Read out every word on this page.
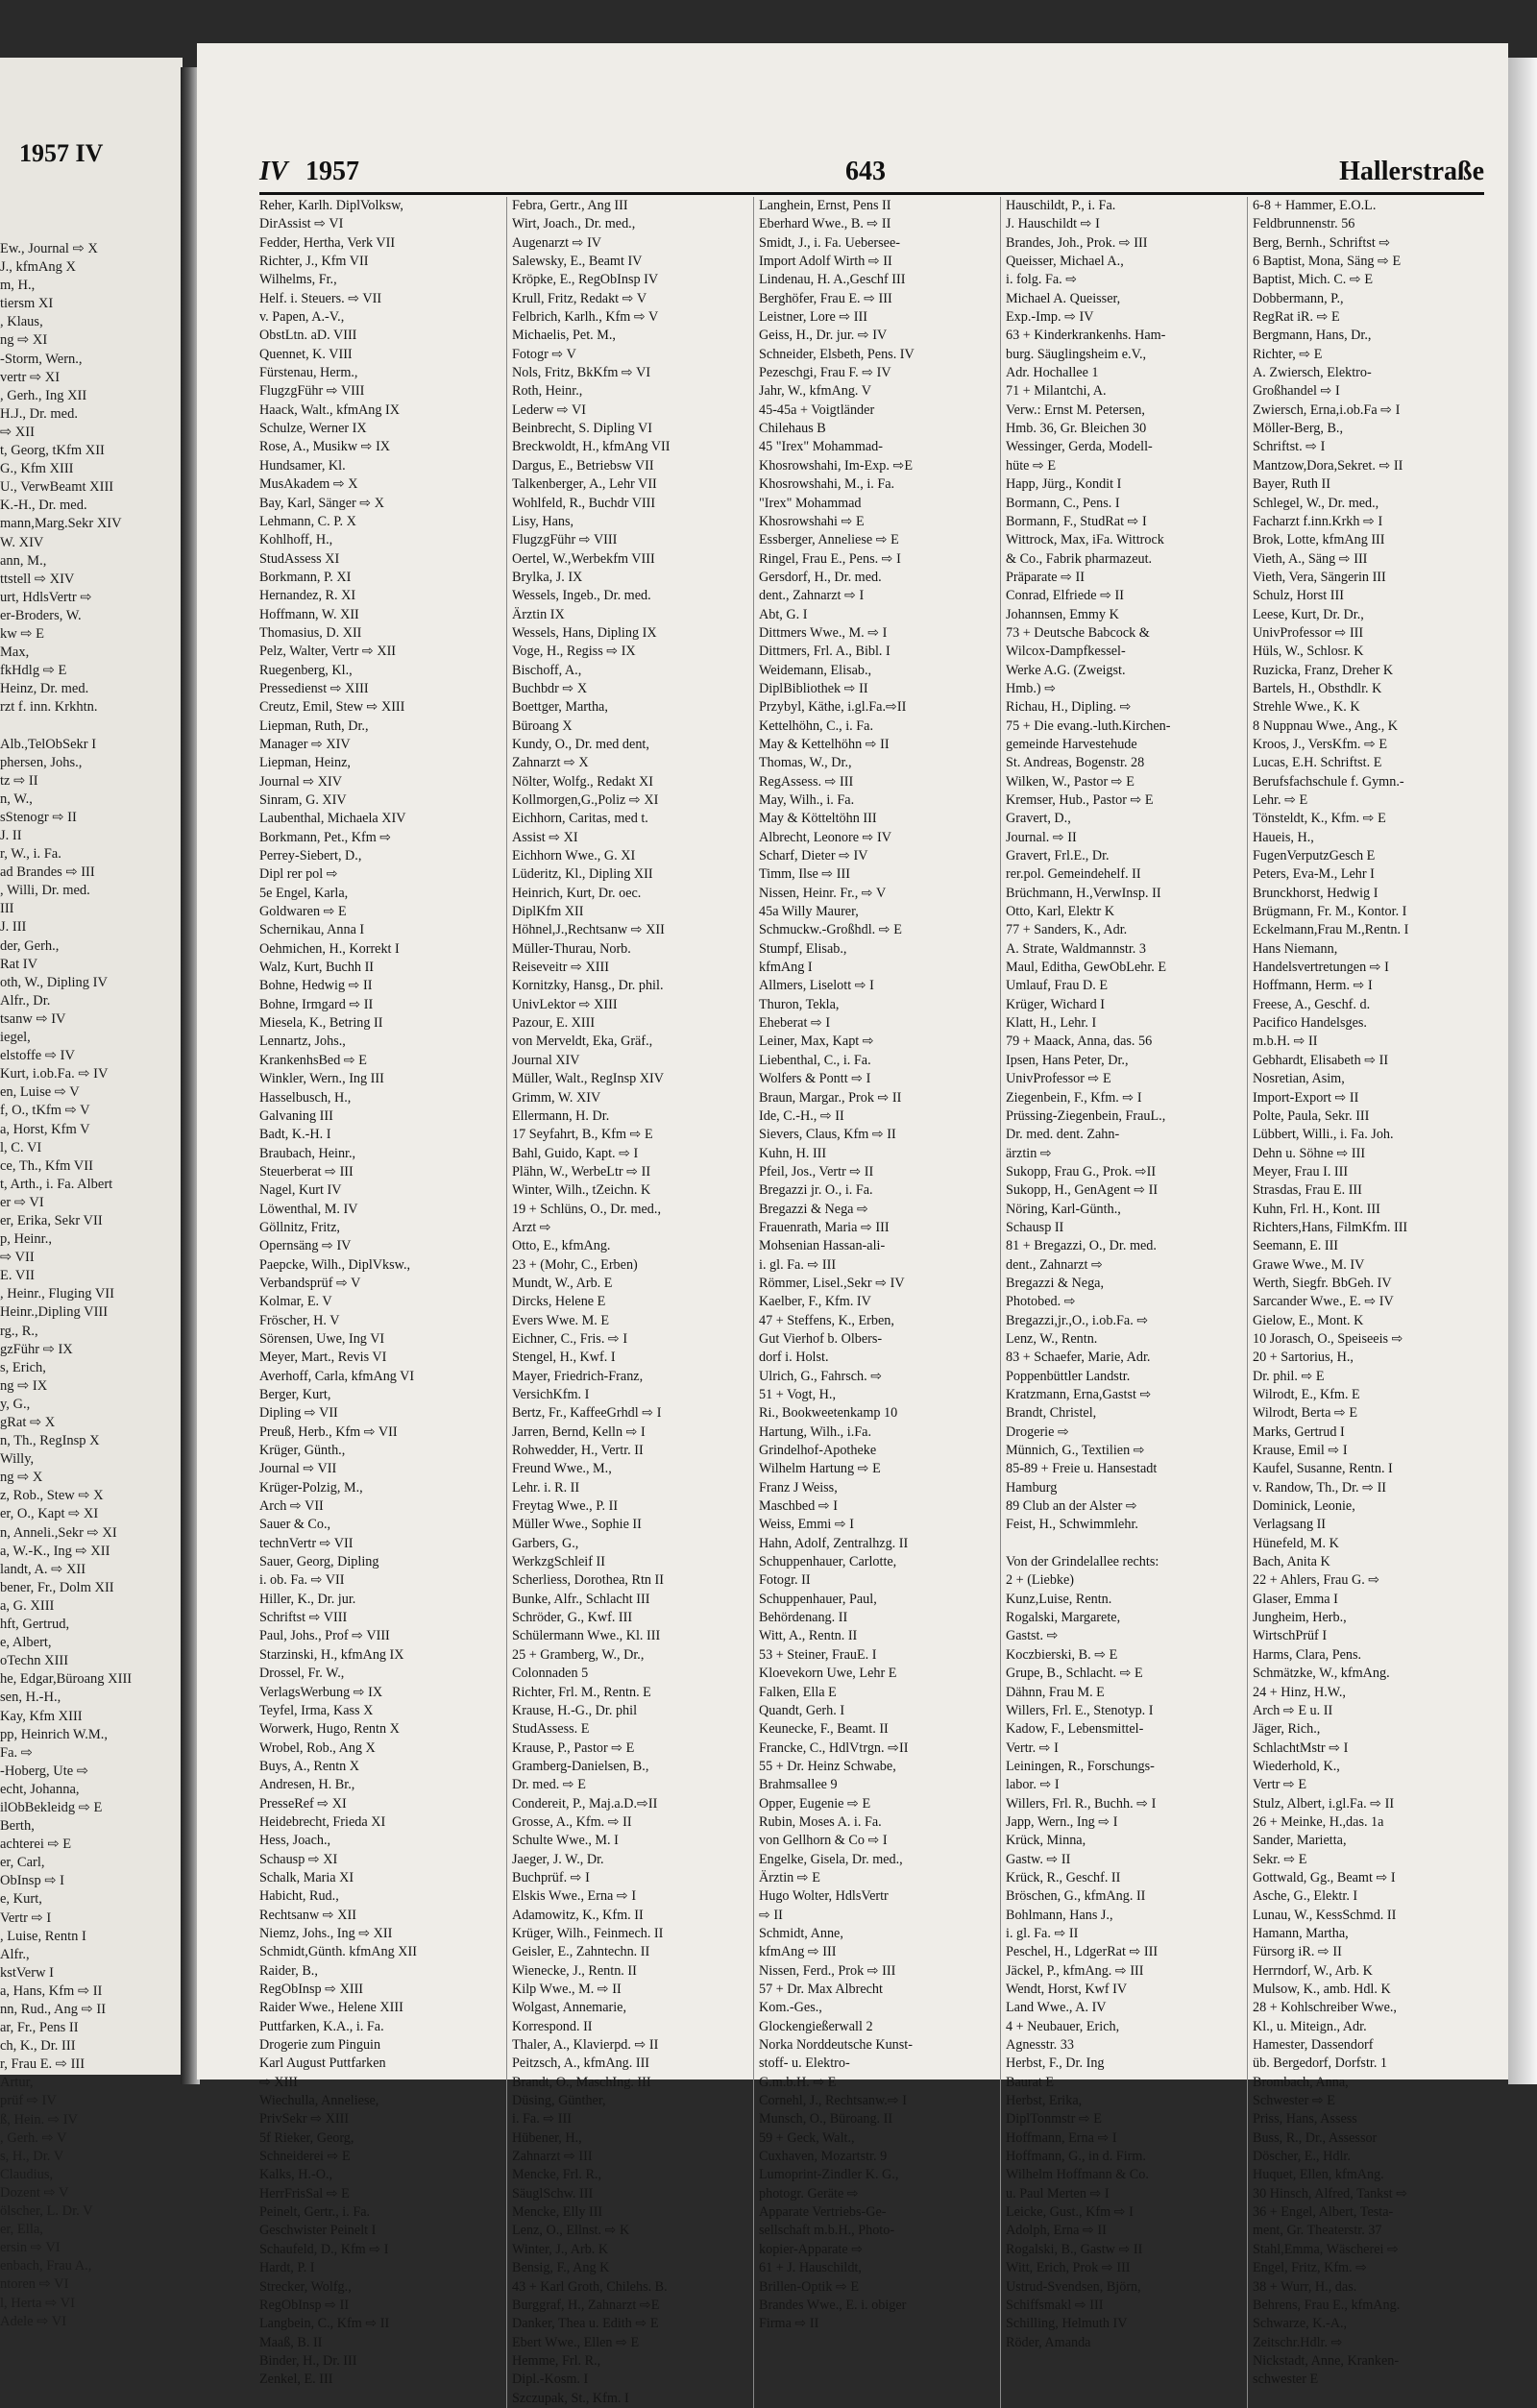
1957 IV
Ew., Journal ⇨ X
J., kfmAng X
m, H.,
tiersm XI
, Klaus,
ng ⇨ XI
-Storm, Wern.,
vertr ⇨ XI
, Gerh., Ing XII
H.J., Dr. med.
⇨ XII
t, Georg, tKfm XII
G., Kfm XIII
U., VerwBeamt XIII
K.-H., Dr. med.
mann,Marg.Sekr XIV
W. XIV
ann, M.,
ttstell ⇨ XIV
urt, HdlsVertr ⇨
er-Broders, W.
kw ⇨ E
Max,
fkHdlg ⇨ E
Heinz, Dr. med.
rzt f. inn. Krkhtn.

Alb.,TelObSekr I
phersen, Johs.,
tz ⇨ II
n, W.,
sStenogr ⇨ II
J. II
r, W., i. Fa.
ad Brandes ⇨ III
, Willi, Dr. med.
III
J. III
der, Gerh.,
Rat IV
oth, W., Dipling IV
Alfr., Dr.
tsanw ⇨ IV
iegel,
elstoffe ⇨ IV
Kurt, i.ob.Fa. ⇨ IV
en, Luise ⇨ V
f, O., tKfm ⇨ V
a, Horst, Kfm V
l, C. VI
ce, Th., Kfm VII
t, Arth., i. Fa. Albert
er ⇨ VI
er, Erika, Sekr VII
p, Heinr.,
⇨ VII
E. VII
, Heinr., Fluging VII
Heinr.,Dipling VIII
rg., R.,
gzFühr ⇨ IX
s, Erich,
ng ⇨ IX
y, G.,
gRat ⇨ X
n, Th., RegInsp X
Willy,
ng ⇨ X
z, Rob., Stew ⇨ X
er, O., Kapt ⇨ XI
n, Anneli.,Sekr ⇨ XI
a, W.-K., Ing ⇨ XII
landt, A. ⇨ XII
bener, Fr., Dolm XII
a, G. XIII
hft, Gertrud,
e, Albert,
oTechn XIII
he, Edgar,Büroang XIII
sen, H.-H.,
Kay, Kfm XIII
pp, Heinrich W.M.,
Fa. ⇨
-Hoberg, Ute ⇨
echt, Johanna,
ilObBekleidg ⇨ E
Berth,
achterei ⇨ E
er, Carl,
ObInsp ⇨ I
e, Kurt,
Vertr ⇨ I
, Luise, Rentn I
Alfr.,
kstVerw I
a, Hans, Kfm ⇨ II
nn, Rud., Ang ⇨ II
ar, Fr., Pens II
ch, K., Dr. III
r, Frau E. ⇨ III
Artur,
prüf ⇨ IV
ß, Hein. ⇨ IV
, Gerh. ⇨ V
s, H., Dr. V
Claudius,
Dozent ⇨ V
ölscher, L. Dr. V
er, Ella,
ersin ⇨ VI
enbach, Frau A.,
ntoren ⇨ VI
l, Herta ⇨ VI
Adele ⇨ VI
IV 1957	643	Hallerstraße
Reher, Karlh. DiplVolksw,
DirAssist ⇨ VI
Fedder, Hertha, Verk VII
Richter, J., Kfm VII
Wilhelms, Fr.,
Helf. i. Steuers. ⇨ VII
v. Papen, A.-V.,
ObstLtn. aD. VIII
Quennet, K. VIII
Fürstenau, Herm.,
FlugzgFühr ⇨ VIII
Haack, Walt., kfmAng IX
Schulze, Werner IX
Rose, A., Musikw ⇨ IX
Hundsamer, Kl.
MusAkadem ⇨ X
Bay, Karl, Sänger ⇨ X
Lehmann, C. P. X
Kohlhoff, H.,
StudAssess XI
Borkmann, P. XI
Hernandez, R. XI
Hoffmann, W. XII
Thomasius, D. XII
Pelz, Walter, Vertr ⇨ XII
Ruegenberg, Kl.,
Pressedienst ⇨ XIII
Creutz, Emil, Stew ⇨ XIII
Liepman, Ruth, Dr.,
Manager ⇨ XIV
Liepman, Heinz,
Journal ⇨ XIV
Sinram, G. XIV
Laubenthal, Michaela XIV
Borkmann, Pet., Kfm ⇨
Perrey-Siebert, D.,
Dipl rer pol ⇨
5e Engel, Karla,
Goldwaren ⇨ E
Schernikau, Anna I
Oehmichen, H., Korrekt I
Walz, Kurt, Buchh II
Bohne, Hedwig ⇨ II
Bohne, Irmgard ⇨ II
Miesela, K., Betring II
Lennartz, Johs.,
KrankenhsBed ⇨ E
Winkler, Wern., Ing III
Hasselbusch, H.,
Galvaning III
Badt, K.-H. I
Braubach, Heinr.,
Steuerberat ⇨ III
Nagel, Kurt IV
Löwenthal, M. IV
Göllnitz, Fritz,
Opernsäng ⇨ IV
Paepcke, Wilh., DiplVksw.,
Verbandsprüf ⇨ V
Kolmar, E. V
Fröscher, H. V
Sörensen, Uwe, Ing VI
Meyer, Mart., Revis VI
Averhoff, Carla, kfmAng VI
Berger, Kurt,
Dipling ⇨ VII
Preuß, Herb., Kfm ⇨ VII
Krüger, Günth.,
Journal ⇨ VII
Krüger-Polzig, M.,
Arch ⇨ VII
Sauer & Co.,
technVertr ⇨ VII
Sauer, Georg, Dipling
i. ob. Fa. ⇨ VII
Hiller, K., Dr. jur.
Schriftst ⇨ VIII
Paul, Johs., Prof ⇨ VIII
Starzinski, H., kfmAng IX
Drossel, Fr. W.,
VerlagsWerbung ⇨ IX
Teyfel, Irma, Kass X
Worwerk, Hugo, Rentn X
Wrobel, Rob., Ang X
Buys, A., Rentn X
Andresen, H. Br.,
PresseRef ⇨ XI
Heidebrecht, Frieda XI
Hess, Joach.,
Schausp ⇨ XI
Schalk, Maria XI
Habicht, Rud.,
Rechtsanw ⇨ XII
Niemz, Johs., Ing ⇨ XII
Schmidt,Günth. kfmAng XII
Raider, B.,
RegObInsp ⇨ XIII
Raider Wwe., Helene XIII
Puttfarken, K.A., i. Fa.
Drogerie zum Pinguin
Karl August Puttfarken
⇨ XIII
Wiechulla, Anneliese,
PrivSekr ⇨ XIII
5f Rieker, Georg,
Schneiderei ⇨ E
Kalks, H.-O.,
HerrFrisSal ⇨ E
Peinelt, Gertr., i. Fa.
Geschwister Peinelt I
Schaufeld, D., Kfm ⇨ I
Hardt, P. I
Strecker, Wolfg.,
RegObInsp ⇨ II
Langbein, C., Kfm ⇨ II
Maaß, B. II
Binder, H., Dr. III
Zenkel, E. III
Febra, Gertr., Ang III
Wirt, Joach., Dr. med.,
Augenarzt ⇨ IV
Salewsky, E., Beamt IV
Kröpke, E., RegObInsp IV
Krull, Fritz, Redakt ⇨ V
Felbrich, Karlh., Kfm ⇨ V
Michaelis, Pet. M.,
Fotogr ⇨ V
Nols, Fritz, BkKfm ⇨ VI
Roth, Heinr.,
Lederw ⇨ VI
Beinbrecht, S. Dipling VI
Breckwoldt, H., kfmAng VII
Dargus, E., Betriebsw VII
Talkenberger, A., Lehr VII
Wohlfeld, R., Buchdr VIII
Lisy, Hans,
FlugzgFühr ⇨ VIII
Oertel, W.,Werbekfm VIII
Brylka, J. IX
Wessels, Ingeb., Dr. med.
Ärztin IX
Wessels, Hans, Dipling IX
Voge, H., Regiss ⇨ IX
Bischoff, A.,
Buchbdr ⇨ X
Boettger, Martha,
Büroang X
Kundy, O., Dr. med dent,
Zahnarzt ⇨ X
Nölter, Wolfg., Redakt XI
Kollmorgen,G.,Poliz ⇨ XI
Eichhorn, Caritas, med t.
Assist ⇨ XI
Eichhorn Wwe., G. XI
Lüderitz, Kl., Dipling XII
Heinrich, Kurt, Dr. oec.
DiplKfm XII
Höhnel,J.,Rechtsanw ⇨ XII
Müller-Thurau, Norb.
Reiseveitr ⇨ XIII
Kornitzky, Hansg., Dr. phil.
UnivLektor ⇨ XIII
Pazour, E. XIII
von Merveldt, Eka, Gräf.,
Journal XIV
Müller, Walt., RegInsp XIV
Grimm, W. XIV
Ellermann, H. Dr.
17 Seyfahrt, B., Kfm ⇨ E
Bahl, Guido, Kapt. ⇨ I
Plähn, W., WerbeLtr ⇨ II
Winter, Wilh., tZeichn. K
19 + Schlüns, O., Dr. med.,
Arzt ⇨
Otto, E., kfmAng.
23 + (Mohr, C., Erben)
Mundt, W., Arb. E
Dircks, Helene E
Evers Wwe. M. E
Eichner, C., Fris. ⇨ I
Stengel, H., Kwf. I
Mayer, Friedrich-Franz,
VersichKfm. I
Bertz, Fr., KaffeeGrhdl ⇨ I
Jarren, Bernd, Kelln ⇨ I
Rohwedder, H., Vertr. II
Freund Wwe., M.,
Lehr. i. R. II
Freytag Wwe., P. II
Müller Wwe., Sophie II
Garbers, G.,
WerkzgSchleif II
Scherliess, Dorothea, Rtn II
Bunke, Alfr., Schlacht III
Schröder, G., Kwf. III
Schülermann Wwe., Kl. III
25 + Gramberg, W., Dr.,
Colonnaden 5
Richter, Frl. M., Rentn. E
Krause, H.-G., Dr. phil
StudAssess. E
Krause, P., Pastor ⇨ E
Gramberg-Danielsen, B.,
Dr. med. ⇨ E
Condereit, P., Maj.a.D.⇨II
Grosse, A., Kfm. ⇨ II
Schulte Wwe., M. I
Jaeger, J. W., Dr.
Buchprüf. ⇨ I
Elskis Wwe., Erna ⇨ I
Adamowitz, K., Kfm. II
Krüger, Wilh., Feinmech. II
Geisler, E., Zahntechn. II
Wienecke, J., Rentn. II
Kilp Wwe., M. ⇨ II
Wolgast, Annemarie,
Korrespond. II
Thaler, A., Klavierpd. ⇨ II
Peitzsch, A., kfmAng. III
Brandt, O., MaschIng. III
Düsing, Günther,
i. Fa. ⇨ III
Hübener, H.,
Zahnarzt ⇨ III
Mencke, Frl. R.,
SäuglSchw. III
Mencke, Elly III
Lenz, O., Ellnst. ⇨ K
Winter, J., Arb. K
Bensig, F., Ang K
43 + Karl Groth, Chilehs. B.
Burggraf, H., Zahnarzt ⇨E
Danker, Thea u. Edith ⇨ E
Ebert Wwe., Ellen ⇨ E
Hemme, Frl. R.,
Dipl.-Kosm. I
Szczupak, St., Kfm. I
Langhein, Ernst, Pens II
Eberhard Wwe., B. ⇨ II
Smidt, J., i. Fa. Uebersee-
Import Adolf Wirth ⇨ II
Lindenau, H. A.,Geschf III
Berghöfer, Frau E. ⇨ III
Leistner, Lore ⇨ III
Geiss, H., Dr. jur. ⇨ IV
Schneider, Elsbeth, Pens. IV
Pezeschgi, Frau F. ⇨ IV
Jahr, W., kfmAng. V
45-45a + Voigtländer
Chilehaus B
45 "Irex" Mohammad-
Khosrowshahi, Im-Exp. ⇨E
Khosrowshahi, M., i. Fa.
"Irex" Mohammad
Khosrowshahi ⇨ E
Essberger, Anneliese ⇨ E
Ringel, Frau E., Pens. ⇨ I
Gersdorf, H., Dr. med.
dent., Zahnarzt ⇨ I
Abt, G. I
Dittmers Wwe., M. ⇨ I
Dittmers, Frl. A., Bibl. I
Weidemann, Elisab.,
DiplBibliothek ⇨ II
Przybyl, Käthe, i.gl.Fa.⇨II
Kettelhöhn, C., i. Fa.
May & Kettelhöhn ⇨ II
Thomas, W., Dr.,
RegAssess. ⇨ III
May, Wilh., i. Fa.
May & Kötteltöhn III
Albrecht, Leonore ⇨ IV
Scharf, Dieter ⇨ IV
Timm, Ilse ⇨ III
Nissen, Heinr. Fr., ⇨ V
45a Willy Maurer,
Schmuckw.-Großhdl. ⇨ E
Stumpf, Elisab.,
kfmAng I
Allmers, Liselott ⇨ I
Thuron, Tekla,
Eheberat ⇨ I
Leiner, Max, Kapt ⇨
Liebenthal, C., i. Fa.
Wolfers & Pontt ⇨ I
Braun, Margar., Prok ⇨ II
Ide, C.-H., ⇨ II
Sievers, Claus, Kfm ⇨ II
Kuhn, H. III
Pfeil, Jos., Vertr ⇨ II
Bregazzi jr. O., i. Fa.
Bregazzi & Nega ⇨
Frauenrath, Maria ⇨ III
Mohsenian Hassan-ali-
i. gl. Fa. ⇨ III
Römmer, Lisel.,Sekr ⇨ IV
Kaelber, F., Kfm. IV
47 + Steffens, K., Erben,
Gut Vierhof b. Olbers-
dorf i. Holst.
Ulrich, G., Fahrsch. ⇨
51 + Vogt, H.,
Ri., Bookweetenkamp 10
Hartung, Wilh., i.Fa.
Grindelhof-Apotheke
Wilhelm Hartung ⇨ E
Franz J Weiss,
Maschbed ⇨ I
Weiss, Emmi ⇨ I
Hahn, Adolf, Zentralhzg. II
Schuppenhauer, Carlotte,
Fotogr. II
Schuppenhauer, Paul,
Behördenang. II
Witt, A., Rentn. II
53 + Steiner, FrauE. I
Kloevekorn Uwe, Lehr E
Falken, Ella E
Quandt, Gerh. I
Keunecke, F., Beamt. II
Francke, C., HdlVtrgn. ⇨II
55 + Dr. Heinz Schwabe,
Brahmsallee 9
Opper, Eugenie ⇨ E
Rubin, Moses A. i. Fa.
von Gellhorn & Co ⇨ I
Engelke, Gisela, Dr. med.,
Ärztin ⇨ E
Hugo Wolter, HdlsVertr
⇨ II
Schmidt, Anne,
kfmAng ⇨ III
Nissen, Ferd., Prok ⇨ III
57 + Dr. Max Albrecht
Kom.-Ges.,
Glockengießerwall 2
Norka Norddeutsche Kunst-
stoff- u. Elektro-
G.m.b.H. ⇨ E
Cornehl, J., Rechtsanw.⇨ I
Munsch, O., Büroang. II
59 + Geck, Walt.,
Cuxhaven, Mozartstr. 9
Lumoprint-Zindler K. G.,
photogr. Geräte ⇨
Apparate Vertriebs-Ge-
sellschaft m.b.H., Photo-
kopier-Apparate ⇨
61 + J. Hauschildt,
Brillen-Optik ⇨ E
Brandes Wwe., E. i. obiger
Firma ⇨ II
Hauschildt, P., i. Fa.
J. Hauschildt ⇨ I
Brandes, Joh., Prok. ⇨ III
Queisser, Michael A.,
i. folg. Fa. ⇨
Michael A. Queisser,
Exp.-Imp. ⇨ IV
63 + Kinderkrankenhs. Ham-
burg. Säuglingsheim e.V.,
Adr. Hochallee 1
71 + Milantchi, A.
Verw.: Ernst M. Petersen,
Hmb. 36, Gr. Bleichen 30
Wessinger, Gerda, Modell-
hüte ⇨ E
Happ, Jürg., Kondit I
Bormann, C., Pens. I
Bormann, F., StudRat ⇨ I
Wittrock, Max, iFa. Wittrock
& Co., Fabrik pharmazeut.
Präparate ⇨ II
Conrad, Elfriede ⇨ II
Johannsen, Emmy K
73 + Deutsche Babcock &
Wilcox-Dampfkessel-
Werke A.G. (Zweigst.
Hmb.) ⇨
Richau, H., Dipling. ⇨
75 + Die evang.-luth.Kirchen-
gemeinde Harvestehude
St. Andreas, Bogenstr. 28
Wilken, W., Pastor ⇨ E
Kremser, Hub., Pastor ⇨ E
Gravert, D.,
Journal. ⇨ II
Gravert, Frl.E., Dr.
rer.pol. Gemeindehelf. II
Brüchmann, H.,VerwInsp. II
Otto, Karl, Elektr K
77 + Sanders, K., Adr.
A. Strate, Waldmannstr. 3
Maul, Editha, GewObLehr. E
Umlauf, Frau D. E
Krüger, Wichard I
Klatt, H., Lehr. I
79 + Maack, Anna, das. 56
Ipsen, Hans Peter, Dr.,
UnivProfessor ⇨ E
Ziegenbein, F., Kfm. ⇨ I
Prüssing-Ziegenbein, FrauL.,
Dr. med. dent. Zahn-
ärztin ⇨
Sukopp, Frau G., Prok. ⇨II
Sukopp, H., GenAgent ⇨ II
Nöring, Karl-Günth.,
Schausp II
81 + Bregazzi, O., Dr. med.
dent., Zahnarzt ⇨
Bregazzi & Nega,
Photobed. ⇨
Bregazzi,jr.,O., i.ob.Fa. ⇨
Lenz, W., Rentn.
83 + Schaefer, Marie, Adr.
Poppenbüttler Landstr.
Kratzmann, Erna,Gastst ⇨
Brandt, Christel,
Drogerie ⇨
Münnich, G., Textilien ⇨
85-89 + Freie u. Hansestadt
Hamburg
89 Club an der Alster ⇨
Feist, H., Schwimmlehr.

Von der Grindelallee rechts:
2 + (Liebke)
Kunz,Luise, Rentn.
Rogalski, Margarete,
Gastst. ⇨
Koczbierski, B. ⇨ E
Grupe, B., Schlacht. ⇨ E
Dähnn, Frau M. E
Willers, Frl. E., Stenotyp. I
Kadow, F., Lebensmittel-
Vertr. ⇨ I
Leiningen, R., Forschungs-
labor. ⇨ I
Willers, Frl. R., Buchh. ⇨ I
Japp, Wern., Ing ⇨ I
Krück, Minna,
Gastw. ⇨ II
Krück, R., Geschf. II
Bröschen, G., kfmAng. II
Bohlmann, Hans J.,
i. gl. Fa. ⇨ II
Peschel, H., LdgerRat ⇨ III
Jäckel, P., kfmAng. ⇨ III
Wendt, Horst, Kwf IV
Land Wwe., A. IV
4 + Neubauer, Erich,
Agnesstr. 33
Herbst, F., Dr. Ing
Baurat E
Herbst, Erika,
DiplTonmstr ⇨ E
Hoffmann, Erna ⇨ I
Hoffmann, G., in d. Firm.
Wilhelm Hoffmann & Co.
u. Paul Merten ⇨ I
Leicke, Gust., Kfm ⇨ I
Adolph, Erna ⇨ II
Rogalski, B., Gastw ⇨ II
Witt, Erich, Prok ⇨ III
Ustrud-Svendsen, Björn,
Schiffsmakl ⇨ III
Schilling, Helmuth IV
Röder, Amanda
6-8 + Hammer, E.O.L.
Feldbrunnenstr. 56
Berg, Bernh., Schriftst ⇨
6 Baptist, Mona, Säng ⇨ E
Baptist, Mich. C. ⇨ E
Dobbermann, P.,
RegRat iR. ⇨ E
Bergmann, Hans, Dr.,
Richter, ⇨ E
A. Zwiersch, Elektro-
Großhandel ⇨ I
Zwiersch, Erna,i.ob.Fa ⇨ I
Möller-Berg, B.,
Schriftst. ⇨ I
Mantzow,Dora,Sekret. ⇨ II
Bayer, Ruth II
Schlegel, W., Dr. med.,
Facharzt f.inn.Krkh ⇨ I
Brok, Lotte, kfmAng III
Vieth, A., Säng ⇨ III
Vieth, Vera, Sängerin III
Schulz, Horst III
Leese, Kurt, Dr. Dr.,
UnivProfessor ⇨ III
Hüls, W., Schlosr. K
Ruzicka, Franz, Dreher K
Bartels, H., Obsthdlr. K
Strehle Wwe., K. K
8 Nuppnau Wwe., Ang., K
Kroos, J., VersKfm. ⇨ E
Lucas, E.H. Schriftst. E
Berufsfachschule f. Gymn.-
Lehr. ⇨ E
Tönsteldt, K., Kfm. ⇨ E
Haueis, H.,
FugenVerputzGesch E
Peters, Eva-M., Lehr I
Brunckhorst, Hedwig I
Brügmann, Fr. M., Kontor. I
Eckelmann,Frau M.,Rentn. I
Hans Niemann,
Handelsvertretungen ⇨ I
Hoffmann, Herm. ⇨ I
Freese, A., Geschf. d.
Pacifico Handelsges.
m.b.H. ⇨ II
Gebhardt, Elisabeth ⇨ II
Nosretian, Asim,
Import-Export ⇨ II
Polte, Paula, Sekr. III
Lübbert, Willi., i. Fa. Joh.
Dehn u. Söhne ⇨ III
Meyer, Frau I. III
Strasdas, Frau E. III
Kuhn, Frl. H., Kont. III
Richters,Hans, FilmKfm. III
Seemann, E. III
Grawe Wwe., M. IV
Werth, Siegfr. BbGeh. IV
Sarcander Wwe., E. ⇨ IV
Gielow, E., Mont. K
10 Jorasch, O., Speiseeis ⇨
20 + Sartorius, H.,
Dr. phil. ⇨ E
Wilrodt, E., Kfm. E
Wilrodt, Berta ⇨ E
Marks, Gertrud I
Krause, Emil ⇨ I
Kaufel, Susanne, Rentn. I
v. Randow, Th., Dr. ⇨ II
Dominick, Leonie,
Verlagsang II
Hünefeld, M. K
Bach, Anita K
22 + Ahlers, Frau G. ⇨
Glaser, Emma I
Jungheim, Herb.,
WirtschPrüf I
Harms, Clara, Pens.
Schmätzke, W., kfmAng.
24 + Hinz, H.W.,
Arch ⇨ E u. II
Jäger, Rich.,
SchlachtMstr ⇨ I
Wiederhold, K.,
Vertr ⇨ E
Stulz, Albert, i.gl.Fa. ⇨ II
26 + Meinke, H.,das. 1a
Sander, Marietta,
Sekr. ⇨ E
Gottwald, Gg., Beamt ⇨ I
Asche, G., Elektr. I
Lunau, W., KessSchmd. II
Hamann, Martha,
Fürsorg iR. ⇨ II
Herrndorf, W., Arb. K
Mulsow, K., amb. Hdl. K
28 + Kohlschreiber Wwe.,
Kl., u. Miteign., Adr.
Hamester, Dassendorf
üb. Bergedorf, Dorfstr. 1
Brombach, Anna,
Schwester ⇨ E
Priss, Hans, Assess
Buss, R., Dr., Assessor
Döscher, E., Hdlr.
Huquet, Ellen, kfmAng.
30 Hinsch, Alfred, Tankst ⇨
36 + Engel, Albert, Testa-
ment, Gr. Theaterstr. 37
Stahl,Emma, Wäscherei ⇨
Engel, Fritz, Kfm. ⇨
38 + Wurr, H., das.
Behrens, Frau E., kfmAng.
Schwarze, K.-A.,
Zeitschr.Hdlr. ⇨
Nickstadt, Anne, Kranken-
schwester E
